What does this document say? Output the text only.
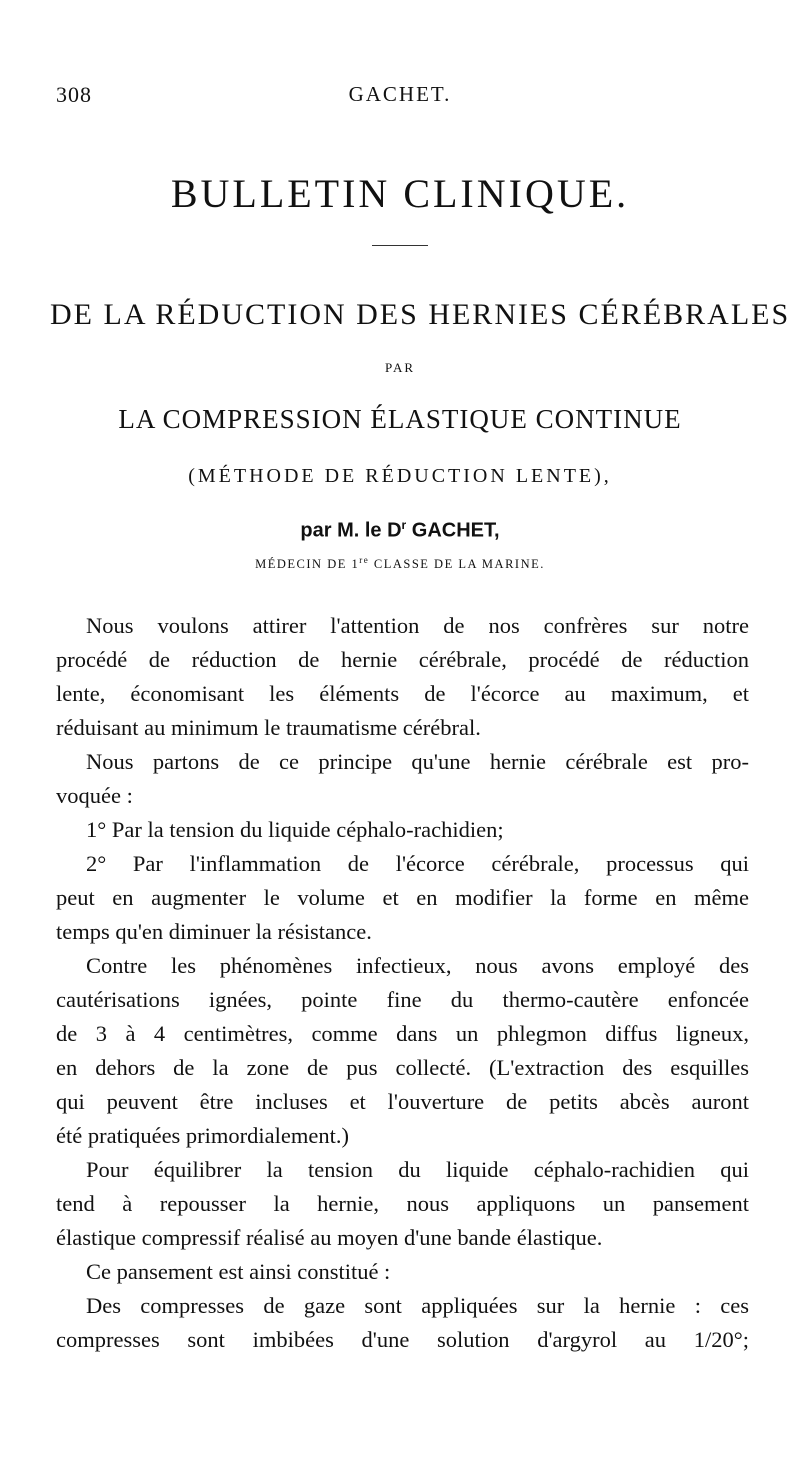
308	GACHET.
BULLETIN CLINIQUE.
DE LA RÉDUCTION DES HERNIES CÉRÉBRALES
PAR
LA COMPRESSION ÉLASTIQUE CONTINUE
(MÉTHODE DE RÉDUCTION LENTE),
par M. le $D^r$ GACHET,
MÉDECIN DE 1re CLASSE DE LA MARINE.
Nous voulons attirer l'attention de nos confrères sur notre
procédé de réduction de hernie cérébrale, procédé de réduction
lente, économisant les éléments de l'écorce au maximum, et
réduisant au minimum le traumatisme cérébral.
Nous partons de ce principe qu'une hernie cérébrale est pro-
voquée :
1° Par la tension du liquide céphalo-rachidien;
2° Par l'inflammation de l'écorce cérébrale, processus qui
peut en augmenter le volume et en modifier la forme en même
temps qu'en diminuer la résistance.
Contre les phénomènes infectieux, nous avons employé des
cautérisations ignées, pointe fine du thermo-cautère enfoncée
de 3 à 4 centimètres, comme dans un phlegmon diffus ligneux,
en dehors de la zone de pus collecté. (L'extraction des esquilles
qui peuvent être incluses et l'ouverture de petits abcès auront
été pratiquées primordialement.)
Pour équilibrer la tension du liquide céphalo-rachidien qui
tend à repousser la hernie, nous appliquons un pansement
élastique compressif réalisé au moyen d'une bande élastique.
Ce pansement est ainsi constitué :
Des compresses de gaze sont appliquées sur la hernie : ces
compresses sont imbibées d'une solution d'argyrol au 1/20°;
